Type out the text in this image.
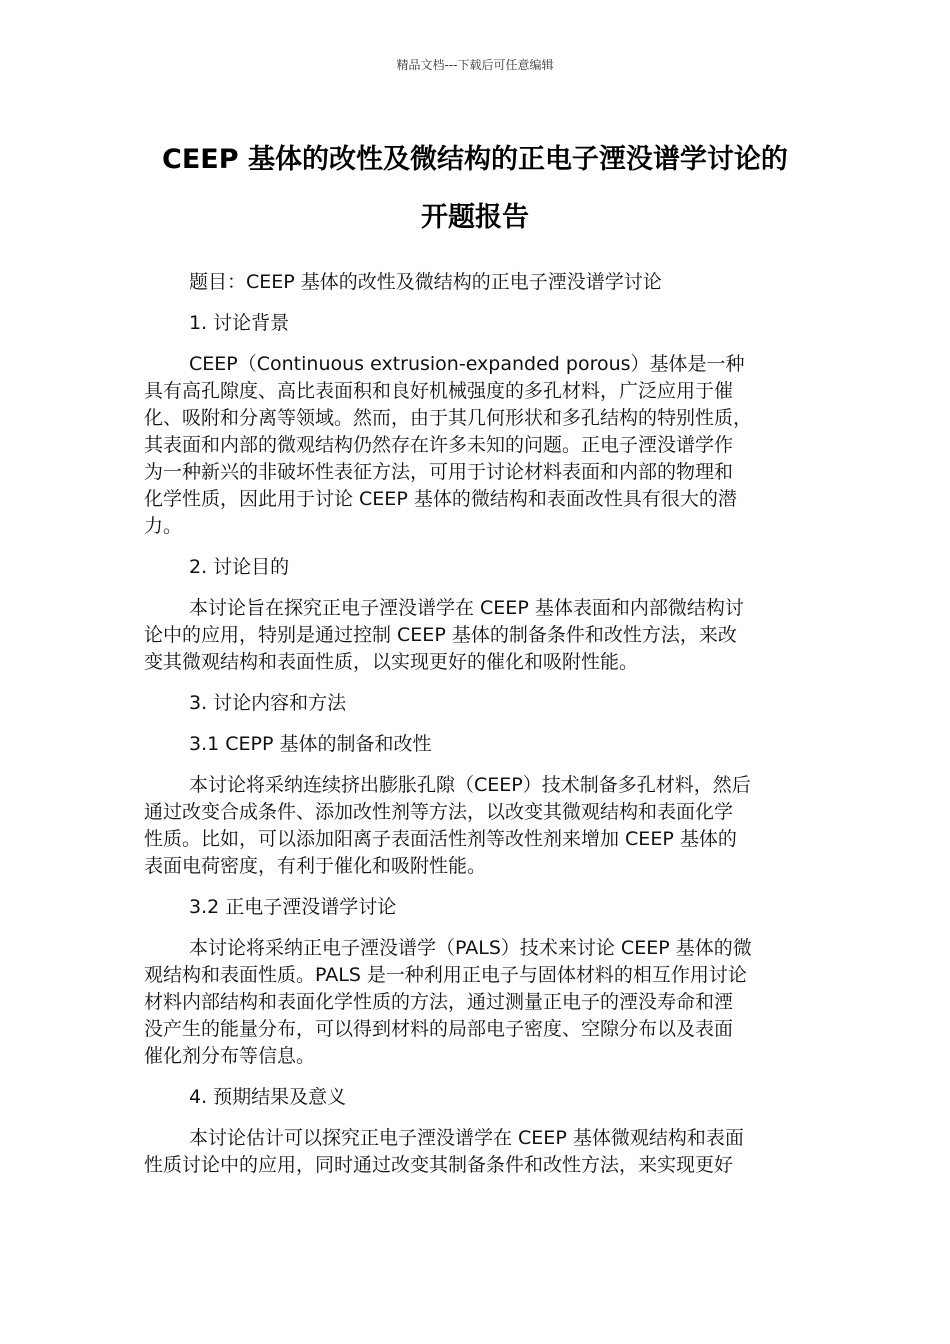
精品文档---下载后可任意编辑
CEEP 基体的改性及微结构的正电子湮没谱学讨论的
开题报告
题目：CEEP 基体的改性及微结构的正电子湮没谱学讨论
1. 讨论背景
CEEP（Continuous extrusion-expanded porous）基体是一种
具有高孔隙度、高比表面积和良好机械强度的多孔材料，广泛应用于催
化、吸附和分离等领域。然而，由于其几何形状和多孔结构的特别性质，
其表面和内部的微观结构仍然存在许多未知的问题。正电子湮没谱学作
为一种新兴的非破坏性表征方法，可用于讨论材料表面和内部的物理和
化学性质，因此用于讨论 CEEP 基体的微结构和表面改性具有很大的潜
力。
2. 讨论目的
本讨论旨在探究正电子湮没谱学在 CEEP 基体表面和内部微结构讨
论中的应用，特别是通过控制 CEEP 基体的制备条件和改性方法，来改
变其微观结构和表面性质，以实现更好的催化和吸附性能。
3. 讨论内容和方法
3.1 CEPP 基体的制备和改性
本讨论将采纳连续挤出膨胀孔隙（CEEP）技术制备多孔材料，然后
通过改变合成条件、添加改性剂等方法，以改变其微观结构和表面化学
性质。比如，可以添加阳离子表面活性剂等改性剂来增加 CEEP 基体的
表面电荷密度，有利于催化和吸附性能。
3.2 正电子湮没谱学讨论
本讨论将采纳正电子湮没谱学（PALS）技术来讨论 CEEP 基体的微
观结构和表面性质。PALS 是一种利用正电子与固体材料的相互作用讨论
材料内部结构和表面化学性质的方法，通过测量正电子的湮没寿命和湮
没产生的能量分布，可以得到材料的局部电子密度、空隙分布以及表面
催化剂分布等信息。
4. 预期结果及意义
本讨论估计可以探究正电子湮没谱学在 CEEP 基体微观结构和表面
性质讨论中的应用，同时通过改变其制备条件和改性方法，来实现更好
